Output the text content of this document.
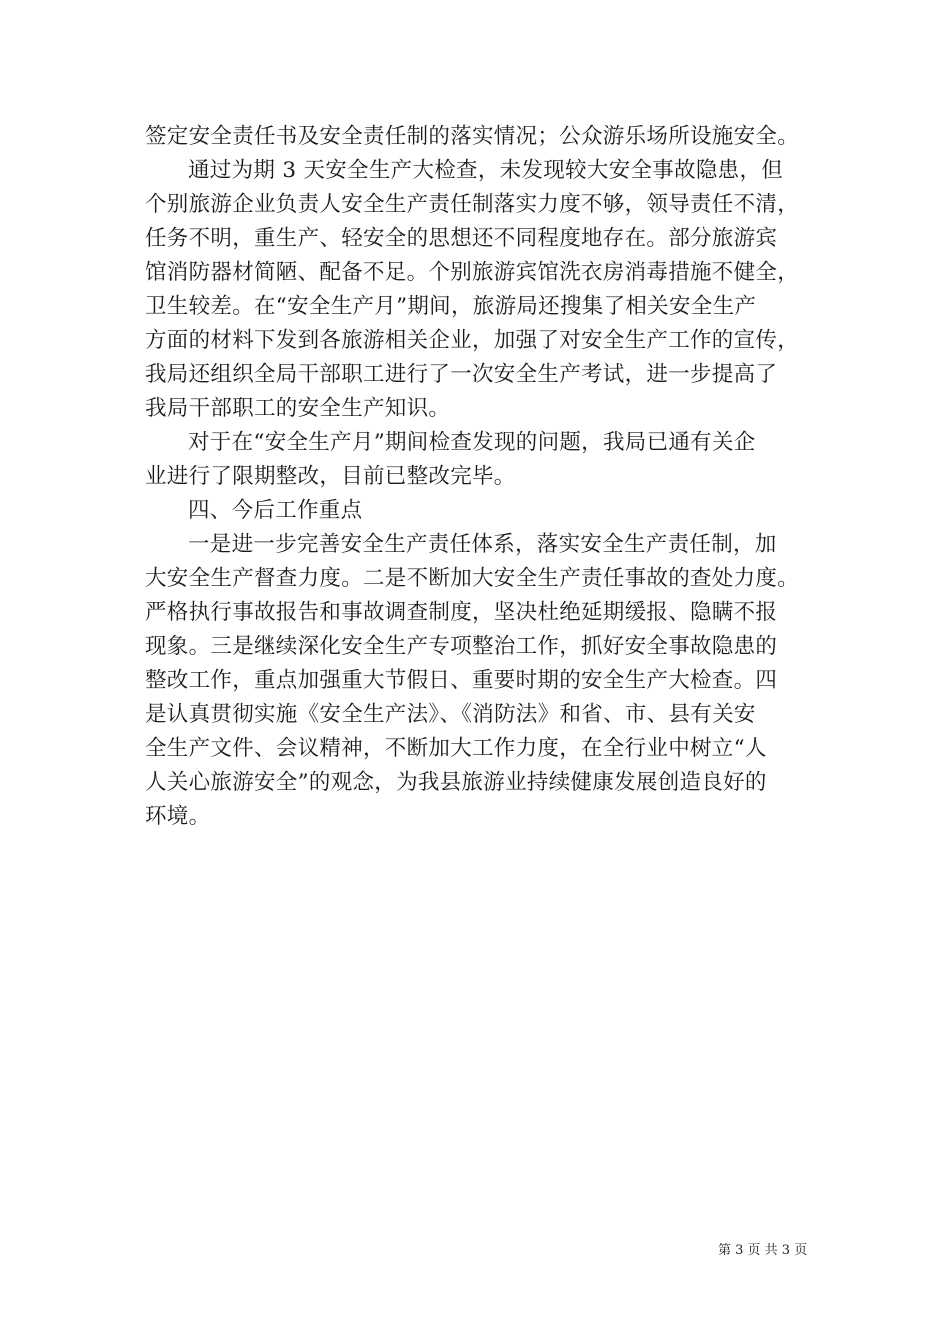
签定安全责任书及安全责任制的落实情况；公众游乐场所设施安全。
通过为期 3 天安全生产大检查，未发现较大安全事故隐患，但
个别旅游企业负责人安全生产责任制落实力度不够，领导责任不清，
任务不明，重生产、轻安全的思想还不同程度地存在。部分旅游宾
馆消防器材简陋、配备不足。个别旅游宾馆洗衣房消毒措施不健全，
卫生较差。在“安全生产月”期间，旅游局还搜集了相关安全生产
方面的材料下发到各旅游相关企业，加强了对安全生产工作的宣传，
我局还组织全局干部职工进行了一次安全生产考试，进一步提高了
我局干部职工的安全生产知识。
对于在“安全生产月”期间检查发现的问题，我局已通有关企
业进行了限期整改，目前已整改完毕。
四、今后工作重点
一是进一步完善安全生产责任体系，落实安全生产责任制，加
大安全生产督查力度。二是不断加大安全生产责任事故的查处力度。
严格执行事故报告和事故调查制度，坚决杜绝延期缓报、隐瞒不报
现象。三是继续深化安全生产专项整治工作，抓好安全事故隐患的
整改工作，重点加强重大节假日、重要时期的安全生产大检查。四
是认真贯彻实施《安全生产法》、《消防法》和省、市、县有关安
全生产文件、会议精神，不断加大工作力度，在全行业中树立“人
人关心旅游安全”的观念，为我县旅游业持续健康发展创造良好的
环境。
第 3 页 共 3 页
